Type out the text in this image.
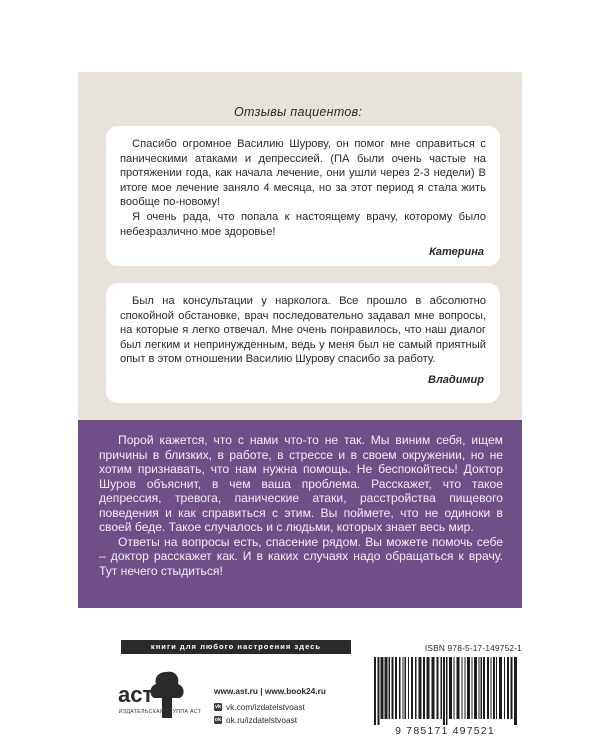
Отзывы пациентов:

Спасибо огромное Василию Шурову, он помог мне справиться с паническими атаками и депрессией. (ПА были очень частые на протяжении года, как начала лечение, они ушли через 2-3 недели) В итоге мое лечение заняло 4 месяца, но за этот период я стала жить вообще по-новому!

Я очень рада, что попала к настоящему врачу, которому было небезразлично мое здоровье!

Катерина

Был на консультации у нарколога. Все прошло в абсолютно спокойной обстановке, врач последовательно задавал мне вопросы, на которые я легко отвечал. Мне очень понравилось, что наш диалог был легким и непринужденным, ведь у меня был не самый приятный опыт в этом отношении Василию Шурову спасибо за работу.

Владимир

Порой кажется, что с нами что-то не так. Мы виним себя, ищем причины в близких, в работе, в стрессе и в своем окружении, но не хотим признавать, что нам нужна помощь. Не беспокойтесь! Доктор Шуров объяснит, в чем ваша проблема. Расскажет, что такое депрессия, тревога, панические атаки, расстройства пищевого поведения и как справиться с этим. Вы поймете, что не одиноки в своей беде. Такое случалось и с людьми, которых знает весь мир.

Ответы на вопросы есть, спасение рядом. Вы можете помочь себе – доктор расскажет как. И в каких случаях надо обращаться к врачу. Тут нечего стыдиться!

книги для любого настроения здесь
аст
ИЗДАТЕЛЬСКАЯ ГРУППА АСТ
www.ast.ru | www.book24.ru
vk vk.com/izdatelstvoast
ok ok.ru/izdatelstvoast
ISBN 978-5-17-149752-1
9 785171 497521
